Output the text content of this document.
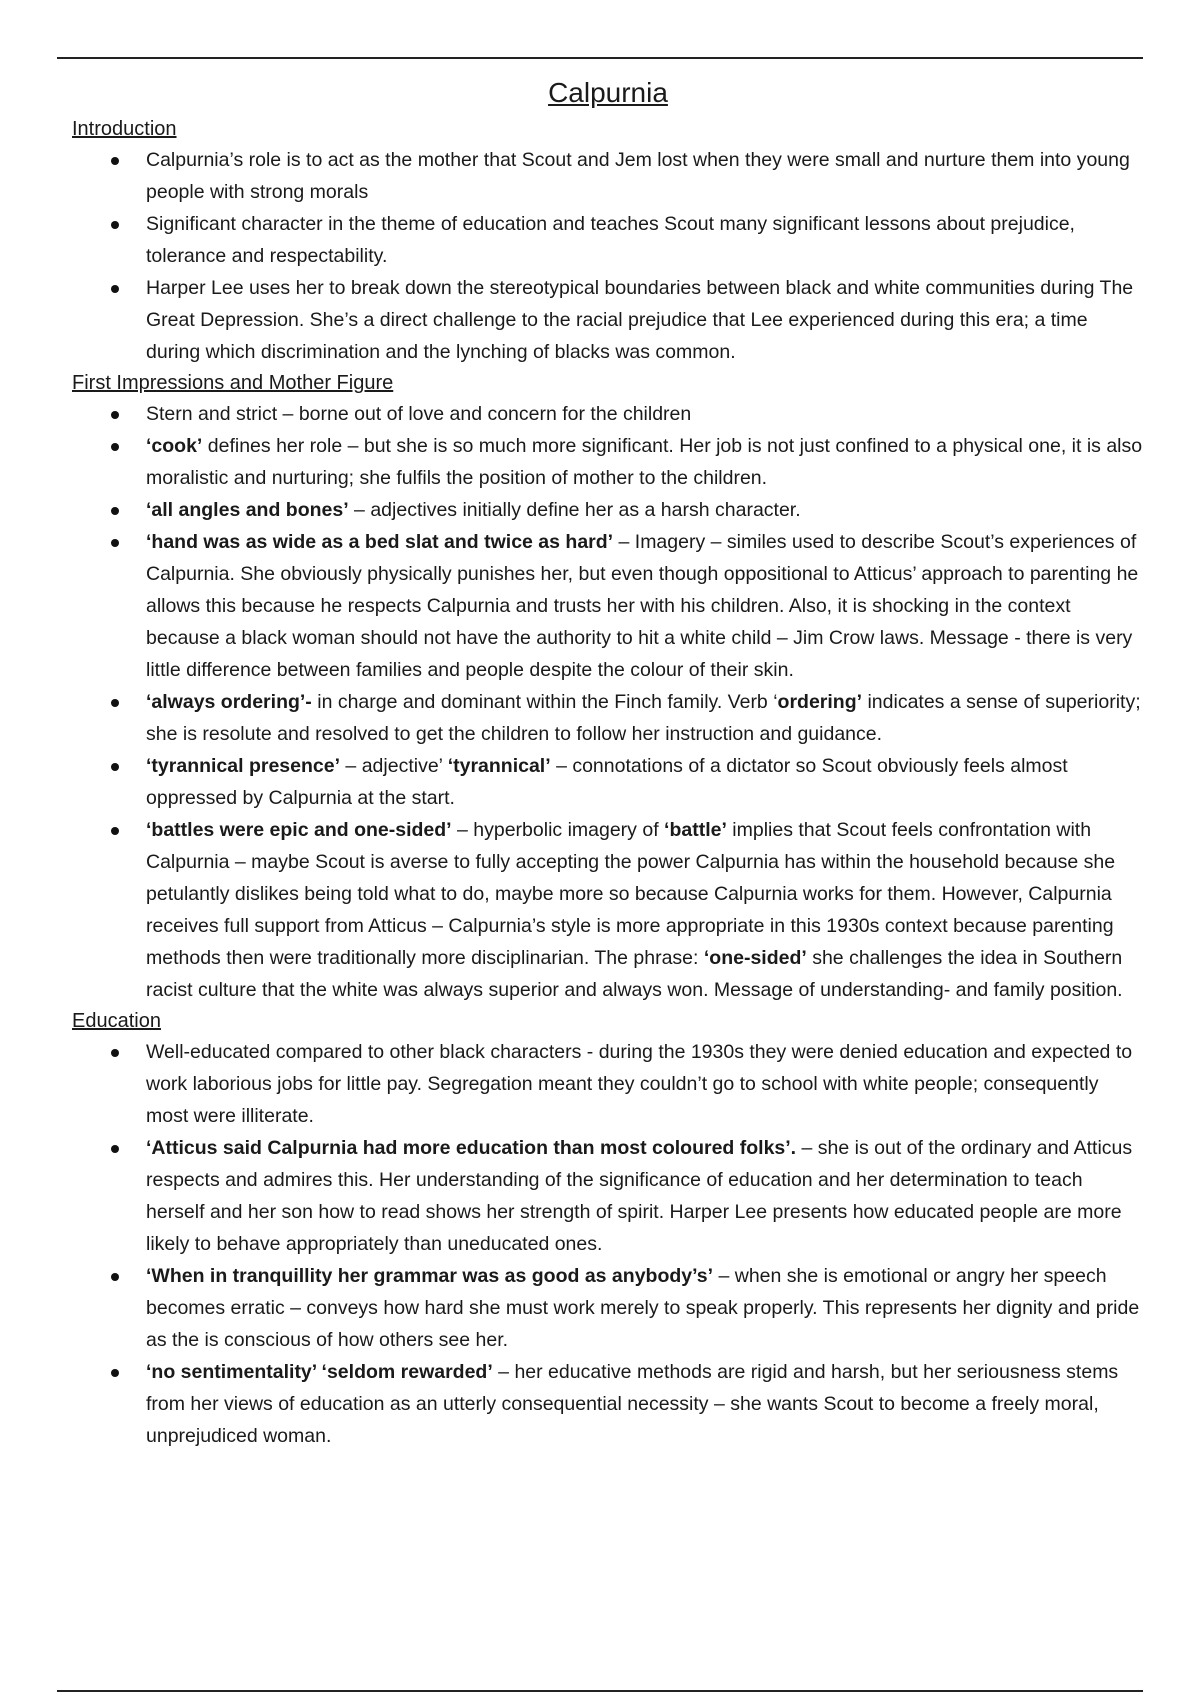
Calpurnia
Introduction
Calpurnia’s role is to act as the mother that Scout and Jem lost when they were small and nurture them into young people with strong morals
Significant character in the theme of education and teaches Scout many significant lessons about prejudice, tolerance and respectability.
Harper Lee uses her to break down the stereotypical boundaries between black and white communities during The Great Depression. She’s a direct challenge to the racial prejudice that Lee experienced during this era; a time during which discrimination and the lynching of blacks was common.
First Impressions and Mother Figure
Stern and strict – borne out of love and concern for the children
‘cook’ defines her role – but she is so much more significant. Her job is not just confined to a physical one, it is also moralistic and nurturing; she fulfils the position of mother to the children.
‘all angles and bones’ – adjectives initially define her as a harsh character.
‘hand was as wide as a bed slat and twice as hard’ – Imagery – similes used to describe Scout’s experiences of Calpurnia. She obviously physically punishes her, but even though oppositional to Atticus’ approach to parenting he allows this because he respects Calpurnia and trusts her with his children. Also, it is shocking in the context because a black woman should not have the authority to hit a white child – Jim Crow laws. Message - there is very little difference between families and people despite the colour of their skin.
‘always ordering’- in charge and dominant within the Finch family. Verb ‘ordering’ indicates a sense of superiority; she is resolute and resolved to get the children to follow her instruction and guidance.
‘tyrannical presence’ – adjective’ ‘tyrannical’ – connotations of a dictator so Scout obviously feels almost oppressed by Calpurnia at the start.
‘battles were epic and one-sided’ – hyperbolic imagery of ‘battle’ implies that Scout feels confrontation with Calpurnia – maybe Scout is averse to fully accepting the power Calpurnia has within the household because she petulantly dislikes being told what to do, maybe more so because Calpurnia works for them. However, Calpurnia receives full support from Atticus – Calpurnia’s style is more appropriate in this 1930s context because parenting methods then were traditionally more disciplinarian. The phrase: ‘one-sided’ she challenges the idea in Southern racist culture that the white was always superior and always won. Message of understanding- and family position.
Education
Well-educated compared to other black characters - during the 1930s they were denied education and expected to work laborious jobs for little pay. Segregation meant they couldn’t go to school with white people; consequently most were illiterate.
‘Atticus said Calpurnia had more education than most coloured folks’. – she is out of the ordinary and Atticus respects and admires this. Her understanding of the significance of education and her determination to teach herself and her son how to read shows her strength of spirit. Harper Lee presents how educated people are more likely to behave appropriately than uneducated ones.
‘When in tranquillity her grammar was as good as anybody’s’ – when she is emotional or angry her speech becomes erratic – conveys how hard she must work merely to speak properly. This represents her dignity and pride as the is conscious of how others see her.
‘no sentimentality’ ‘seldom rewarded’ – her educative methods are rigid and harsh, but her seriousness stems from her views of education as an utterly consequential necessity – she wants Scout to become a freely moral, unprejudiced woman.
